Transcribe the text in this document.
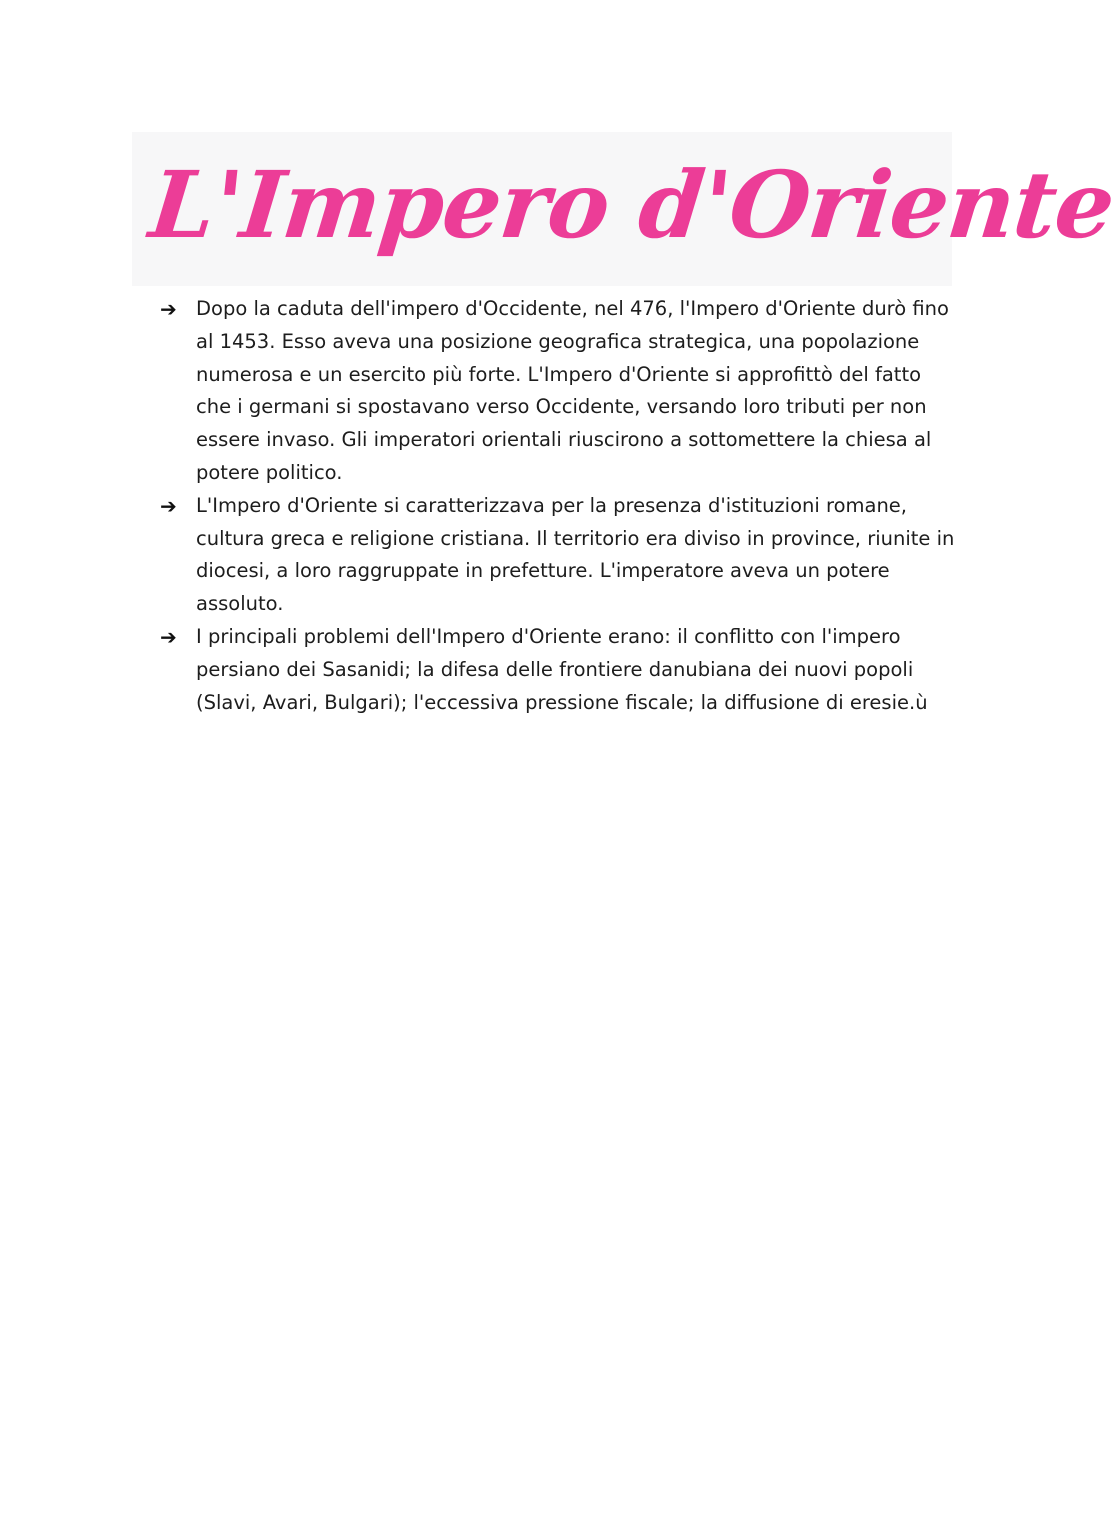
L'Impero d'Oriente
➔ Dopo la caduta dell'impero d'Occidente, nel 476, l'Impero d'Oriente durò fino al 1453. Esso aveva una posizione geografica strategica, una popolazione numerosa e un esercito più forte. L'Impero d'Oriente si approfittò del fatto che i germani si spostavano verso Occidente, versando loro tributi per non essere invaso. Gli imperatori orientali riuscirono a sottomettere la chiesa al potere politico.
➔ L'Impero d'Oriente si caratterizzava per la presenza d'istituzioni romane, cultura greca e religione cristiana. Il territorio era diviso in province, riunite in diocesi, a loro raggruppate in prefetture. L'imperatore aveva un potere assoluto.
➔ I principali problemi dell'Impero d'Oriente erano: il conflitto con l'impero persiano dei Sasanidi; la difesa delle frontiere danubiana dei nuovi popoli (Slavi, Avari, Bulgari); l'eccessiva pressione fiscale; la diffusione di eresie.ù
